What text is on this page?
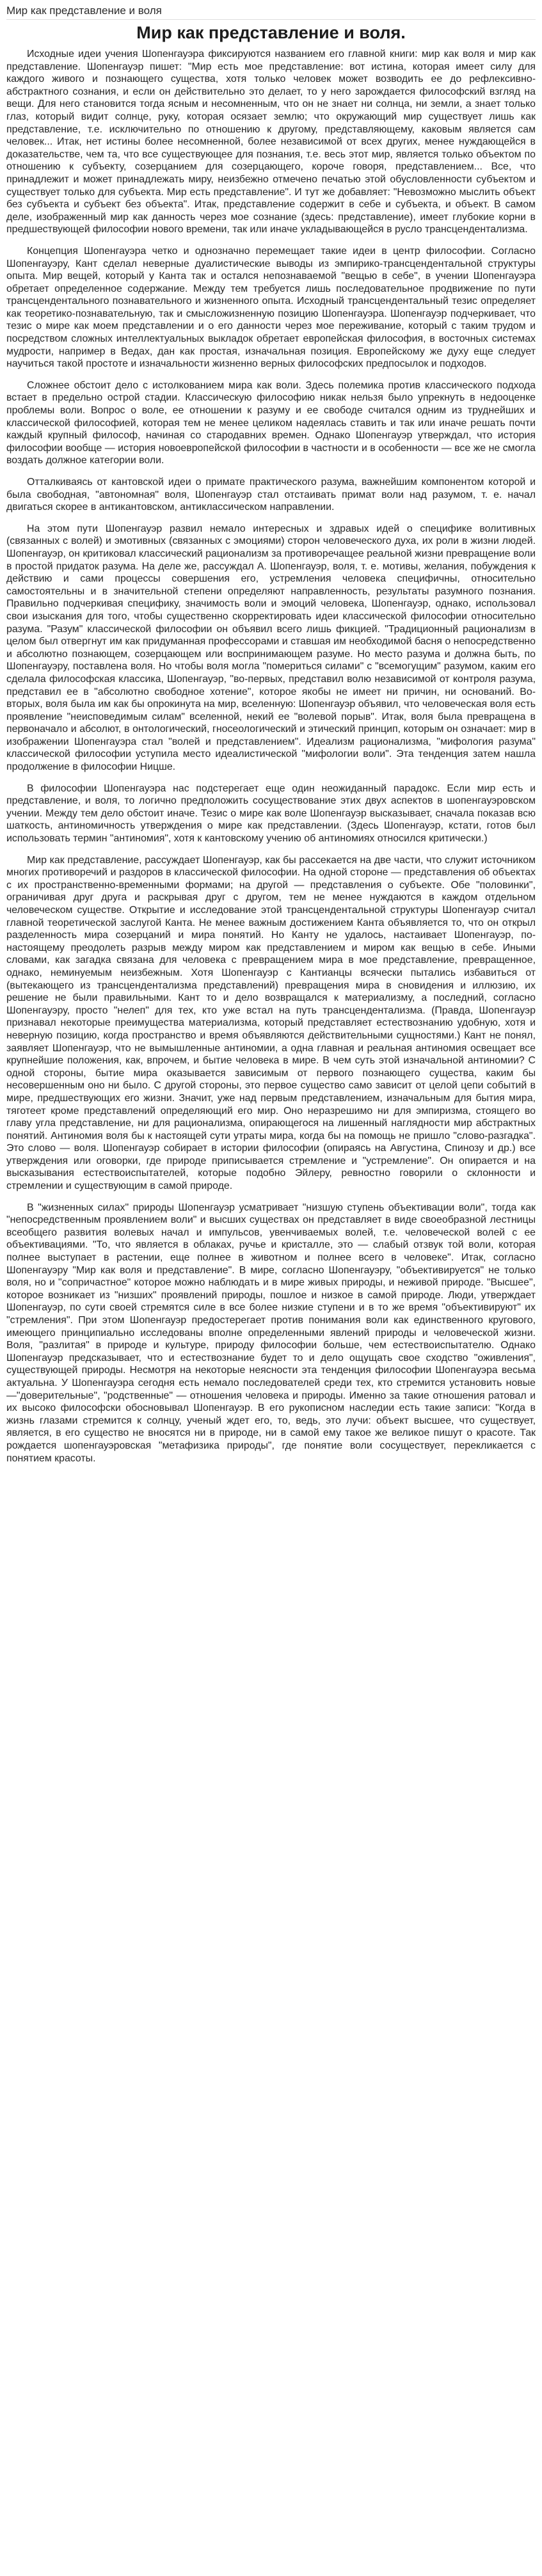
Мир как представление и воля
Мир как представление и воля.

Исходные идеи учения Шопенгауэра фиксируются названием его главной книги: мир как воля и мир как представление. Шопенгауэр пишет: "Мир есть мое представление: вот истина, которая имеет силу для каждого живого и познающего существа, хотя только человек может возводить ее до рефлексивно-абстрактного сознания, и если он действительно это делает, то у него зарождается философский взгляд на вещи. Для него становится тогда ясным и несомненным, что он не знает ни солнца, ни земли, а знает только глаз, который видит солнце, руку, которая осязает землю; что окружающий мир существует лишь как представление, т.е. исключительно по отношению к другому, представляющему, каковым является сам человек... Итак, нет истины более несомненной, более независимой от всех других, менее нуждающейся в доказательстве, чем та, что все существующее для познания, т.е. весь этот мир, является только объектом по отношению к субъекту, созерцанием для созерцающего, короче говоря, представлением... Все, что принадлежит и может принадлежать миру, неизбежно отмечено печатью этой обусловленности субъектом и существует только для субъекта. Мир есть представление". И тут же добавляет: "Невозможно мыслить объект без субъекта и субъект без объекта". Итак, представление содержит в себе и субъекта, и объект. В самом деле, изображенный мир как данность через мое сознание (здесь: представление), имеет глубокие корни в предшествующей философии нового времени, так или иначе укладывающейся в русло трансцендентализма.

Концепция Шопенгауэра четко и однозначно перемещает такие идеи в центр философии. Согласно Шопенгауэру, Кант сделал неверные дуалистические выводы из эмпирико-трансцендентальной структуры опыта. Мир вещей, который у Канта так и остался непознаваемой "вещью в себе", в учении Шопенгауэра обретает определенное содержание. Между тем требуется лишь последовательное продвижение по пути трансцендентального познавательного и жизненного опыта. Исходный трансцендентальный тезис определяет как теоретико-познавательную, так и смысложизненную позицию Шопенгауэра. Шопенгауэр подчеркивает, что тезис о мире как моем представлении и о его данности через мое переживание, который с таким трудом и посредством сложных интеллектуальных выкладок обретает европейская философия, в восточных системах мудрости, например в Ведах, дан как простая, изначальная позиция. Европейскому же духу еще следует научиться такой простоте и изначальности жизненно верных философских предпосылок и подходов.

Сложнее обстоит дело с истолкованием мира как воли. Здесь полемика против классического подхода встает в предельно острой стадии. Классическую философию никак нельзя было упрекнуть в недооценке проблемы воли. Вопрос о воле, ее отношении к разуму и ее свободе считался одним из труднейших и классической философией, которая тем не менее целиком надеялась ставить и так или иначе решать почти каждый крупный философ, начиная со стародавних времен. Однако Шопенгауэр утверждал, что история философии вообще — история новоевропейской философии в частности и в особенности — все же не смогла воздать должное категории воли.

Отталкиваясь от кантовской идеи о примате практического разума, важнейшим компонентом которой и была свободная, "автономная" воля, Шопенгауэр стал отстаивать примат воли над разумом, т. е. начал двигаться скорее в антикантовском, антиклассическом направлении.

На этом пути Шопенгауэр развил немало интересных и здравых идей о специфике волитивных (связанных с волей) и эмотивных (связанных с эмоциями) сторон человеческого духа, их роли в жизни людей. Шопенгауэр, он критиковал классический рационализм за противоречащее реальной жизни превращение воли в простой придаток разума. На деле же, рассуждал А. Шопенгауэр, воля, т. е. мотивы, желания, побуждения к действию и сами процессы совершения его, устремления человека специфичны, относительно самостоятельны и в значительной степени определяют направленность, результаты разумного познания. Правильно подчеркивая специфику, значимость воли и эмоций человека, Шопенгауэр, однако, использовал свои изыскания для того, чтобы существенно скорректировать идеи классической философии относительно разума. "Разум" классической философии он объявил всего лишь фикцией. "Традиционный рационализм в целом был отвергнут им как придуманная профессорами и ставшая им необходимой басня о непосредственно и абсолютно познающем, созерцающем или воспринимающем разуме. Но место разума и должна быть, по Шопенгауэру, поставлена воля. Но чтобы воля могла "помериться силами" с "всемогущим" разумом, каким его сделала философская классика, Шопенгауэр, "во-первых, представил волю независимой от контроля разума, представил ее в "абсолютно свободное хотение", которое якобы не имеет ни причин, ни оснований. Во-вторых, воля была им как бы опрокинута на мир, вселенную: Шопенгауэр объявил, что человеческая воля есть проявление "неисповедимым силам" вселенной, некий ее "волевой порыв". Итак, воля была превращена в первоначало и абсолют, в онтологический, гносеологический и этический принцип, которым он означает: мир в изображении Шопенгауэра стал "волей и представлением". Идеализм рационализма, "мифология разума" классической философии уступила место идеалистической "мифологии воли". Эта тенденция затем нашла продолжение в философии Ницше.

В философии Шопенгауэра нас подстерегает еще один неожиданный парадокс. Если мир есть и представление, и воля, то логично предположить сосуществование этих двух аспектов в шопенгауэровском учении. Между тем дело обстоит иначе. Тезис о мире как воле Шопенгауэр высказывает, сначала показав всю шаткость, антиномичность утверждения о мире как представлении. (Здесь Шопенгауэр, кстати, готов был использовать термин "антиномия", хотя к кантовскому учению об антиномиях относился критически.)

Мир как представление, рассуждает Шопенгауэр, как бы рассекается на две части, что служит источником многих противоречий и раздоров в классической философии. На одной стороне — представления об объектах с их пространственно-временными формами; на другой — представления о субъекте. Обе "половинки", ограничивая друг друга и раскрывая друг с другом, тем не менее нуждаются в каждом отдельном человеческом существе. Открытие и исследование этой трансцендентальной структуры Шопенгауэр считал главной теоретической заслугой Канта. Не менее важным достижением Канта объявляется то, что он открыл разделенность мира созерцаний и мира понятий. Но Канту не удалось, настаивает Шопенгауэр, по-настоящему преодолеть разрыв между миром как представлением и миром как вещью в себе. Иными словами, как загадка связана для человека с превращением мира в мое представление, превращенное, однако, неминуемым неизбежным. Хотя Шопенгауэр с Кантианцы всячески пытались избавиться от (вытекающего из трансцендентализма представлений) превращения мира в сновидения и иллюзию, их решение не были правильными. Кант то и дело возвращался к материализму, а последний, согласно Шопенгауэру, просто "нелеп" для тех, кто уже встал на путь трансцендентализма. (Правда, Шопенгауэр признавал некоторые преимущества материализма, который представляет естествознанию удобную, хотя и неверную позицию, когда пространство и время объявляются действительными сущностями.) Кант не понял, заявляет Шопенгауэр, что не вымышленные антиномии, а одна главная и реальная антиномия освещает все крупнейшие положения, как, впрочем, и бытие человека в мире. В чем суть этой изначальной антиномии? С одной стороны, бытие мира оказывается зависимым от первого познающего существа, каким бы несовершенным оно ни было. С другой стороны, это первое существо само зависит от целой цепи событий в мире, предшествующих его жизни. Значит, уже над первым представлением, изначальным для бытия мира, тяготеет кроме представлений определяющий его мир. Оно неразрешимо ни для эмпиризма, стоящего во главу угла представление, ни для рационализма, опирающегося на лишенный наглядности мир абстрактных понятий. Антиномия воля бы к настоящей сути утраты мира, когда бы на помощь не пришло "слово-разгадка". Это слово — воля. Шопенгауэр собирает в истории философии (опираясь на Августина, Спинозу и др.) все утверждения или оговорки, где природе приписывается стремление и "устремление". Он опирается и на высказывания естествоиспытателей, которые подобно Эйлеру, ревностно говорили о склонности и стремлении и существующим в самой природе.

В "жизненных силах" природы Шопенгауэр усматривает "низшую ступень объективации воли", тогда как "непосредственным проявлением воли" и высших существах он представляет в виде своеобразной лестницы всеобщего развития волевых начал и импульсов, увенчиваемых волей, т.е. человеческой волей с ее объективациями. "То, что является в облаках, ручье и кристалле, это — слабый отзвук той воли, которая полнее выступает в растении, еще полнее в животном и полнее всего в человеке". Итак, согласно Шопенгауэру "Мир как воля и представление". В мире, согласно Шопенгауэру, "объективируется" не только воля, но и "сопричастное" которое можно наблюдать и в мире живых природы, и неживой природе. "Высшее", которое возникает из "низших" проявлений природы, пошлое и низкое в самой природе. Люди, утверждает Шопенгауэр, по сути своей стремятся силе в все более низкие ступени и в то же время "объективируют" их "стремления". При этом Шопенгауэр предостерегает против понимания воли как единственного кругового, имеющего принципиально исследованы вполне определенными явлений природы и человеческой жизни. Воля, "разлитая" в природе и культуре, природу философии больше, чем естествоиспытателю. Однако Шопенгауэр предсказывает, что и естествознание будет то и дело ощущать свое сходство "оживления", существующей природы. Несмотря на некоторые неясности эта тенденция философии Шопенгауэра весьма актуальна. У Шопенгауэра сегодня есть немало последователей среди тех, кто стремится установить новые —"доверительные", "родственные" — отношения человека и природы. Именно за такие отношения ратовал и их высоко философски обосновывал Шопенгауэр. В его рукописном наследии есть такие записи: "Когда в жизнь глазами стремится к солнцу, ученый ждет его, то, ведь, это лучи: объект высшее, что существует, является, в его существо не вносятся ни в природе, ни в самой ему такое же великое пишут о красоте. Так рождается шопенгауэровская "метафизика природы", где понятие воли сосуществует, перекликается с понятием красоты.
